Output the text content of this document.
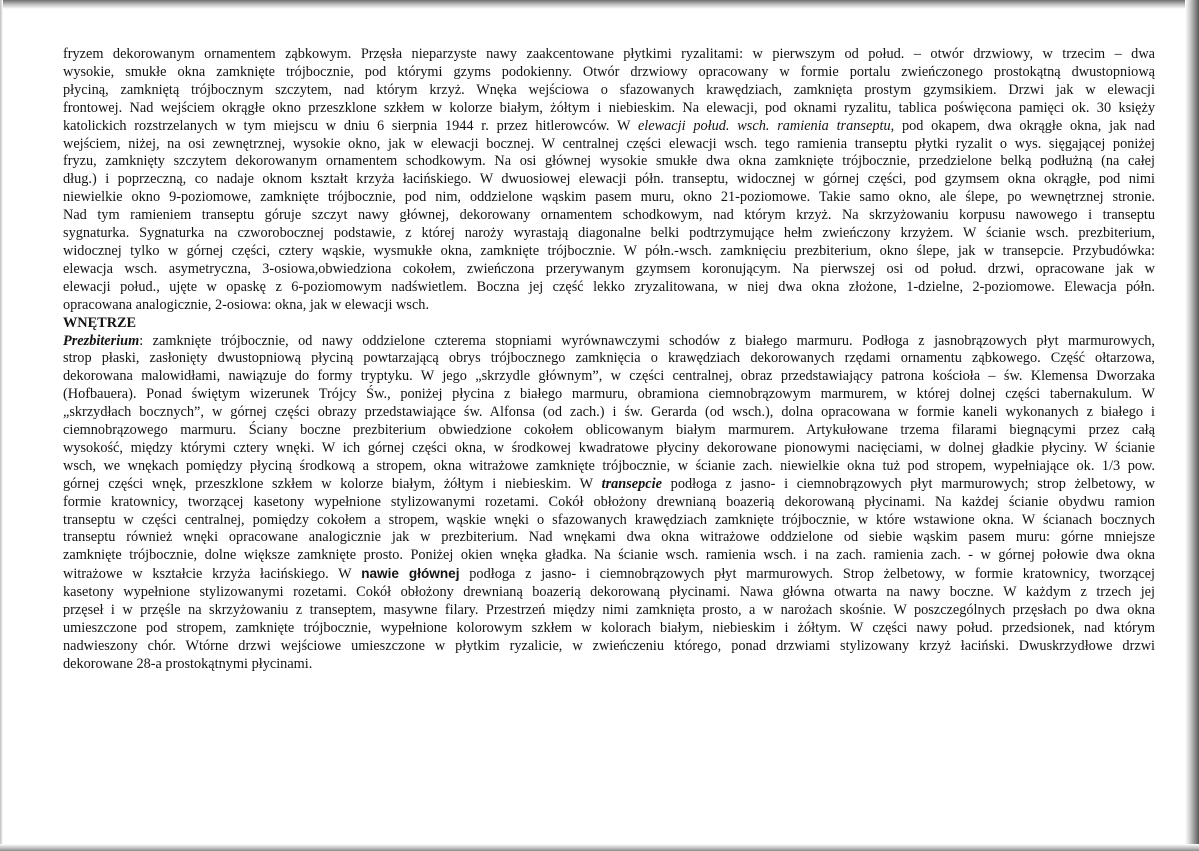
fryzem dekorowanym ornamentem ząbkowym. Przęsła nieparzyste nawy zaakcentowane płytkimi ryzalitami: w pierwszym od połud. – otwór drzwiowy, w trzecim – dwa
wysokie, smukłe okna zamknięte trójbocznie, pod którymi gzyms podokienny. Otwór drzwiowy opracowany w formie portalu zwieńczonego prostokątną dwustopniową
płyciną, zamkniętą trójbocznym szczytem, nad którym krzyż. Wnęka wejściowa o sfazowanych krawędziach, zamknięta prostym gzymsikiem. Drzwi jak w elewacji
frontowej. Nad wejściem okrągłe okno przeszklone szkłem w kolorze białym, żółtym i niebieskim. Na elewacji, pod oknami ryzalitu, tablica poświęcona pamięci ok. 30 księży
katolickich rozstrzelanych w tym miejscu w dniu 6 sierpnia 1944 r. przez hitlerowców. W elewacji połud. wsch. ramienia transeptu, pod okapem, dwa okrągłe okna, jak nad
wejściem, niżej, na osi zewnętrznej, wysokie okno, jak w elewacji bocznej. W centralnej części elewacji wsch. tego ramienia transeptu płytki ryzalit o wys. sięgającej poniżej
fryzu, zamknięty szczytem dekorowanym ornamentem schodkowym. Na osi głównej wysokie smukłe dwa okna zamknięte trójbocznie, przedzielone belką podłużną (na całej
dług.) i poprzeczną, co nadaje oknom kształt krzyża łacińskiego. W dwuosiowej elewacji półn. transeptu, widocznej w górnej części, pod gzymsem okna okrągłe, pod nimi
niewielkie okno 9-poziomowe, zamknięte trójbocznie, pod nim, oddzielone wąskim pasem muru, okno 21-poziomowe. Takie samo okno, ale ślepe, po wewnętrznej stronie.
Nad tym ramieniem transeptu góruje szczyt nawy głównej, dekorowany ornamentem schodkowym, nad którym krzyż. Na skrzyżowaniu korpusu nawowego i transeptu
sygnaturka. Sygnaturka na czworobocznej podstawie, z której naroży wyrastają diagonalne belki podtrzymujące hełm zwieńczony krzyżem. W ścianie wsch. prezbiterium,
widocznej tylko w górnej części, cztery wąskie, wysmukłe okna, zamknięte trójbocznie. W półn.-wsch. zamknięciu prezbiterium, okno ślepe, jak w transepcie. Przybudówka:
elewacja wsch. asymetryczna, 3-osiowa,obwiedziona cokołem, zwieńczona przerywanym gzymsem koronującym. Na pierwszej osi od połud. drzwi, opracowane jak w
elewacji połud., ujęte w opaskę z 6-poziomowym nadświetlem. Boczna jej część lekko zryzalitowana, w niej dwa okna złożone, 1-dzielne, 2-poziomowe. Elewacja półn.
opracowana analogicznie, 2-osiowa: okna, jak w elewacji wsch.
WNĘTRZE
Prezbiterium: zamknięte trójbocznie, od nawy oddzielone czterema stopniami wyrównawczymi schodów z białego marmuru. Podłoga z jasnobrązowych płyt marmurowych,
strop płaski, zasłonięty dwustopniową płyciną powtarzającą obrys trójbocznego zamknięcia o krawędziach dekorowanych rzędami ornamentu ząbkowego. Część ołtarzowa,
dekorowana malowidłami, nawiązuje do formy tryptyku. W jego „skrzydle głównym”, w części centralnej, obraz przedstawiający patrona kościoła – św. Klemensa Dworzaka
(Hofbauera). Ponad świętym wizerunek Trójcy Św., poniżej płycina z białego marmuru, obramiona ciemnobrązowym marmurem, w której dolnej części tabernakulum. W
„skrzydłach bocznych”, w górnej części obrazy przedstawiające św. Alfonsa (od zach.) i św. Gerarda (od wsch.), dolna opracowana w formie kaneli wykonanych z białego i
ciemnobrązowego marmuru. Ściany boczne prezbiterium obwiedzione cokołem oblicowanym białym marmurem. Artykułowane trzema filarami biegnącymi przez całą
wysokość, między którymi cztery wnęki. W ich górnej części okna, w środkowej kwadratowe płyciny dekorowane pionowymi nacięciami, w dolnej gładkie płyciny. W ścianie
wsch, we wnękach pomiędzy płyciną środkową a stropem, okna witrażowe zamknięte trójbocznie, w ścianie zach. niewielkie okna tuż pod stropem, wypełniające ok. 1/3 pow.
górnej części wnęk, przeszklone szkłem w kolorze białym, żółtym i niebieskim. W transepcie podłoga z jasno- i ciemnobrązowych płyt marmurowych; strop żelbetowy, w
formie kratownicy, tworzącej kasetony wypełnione stylizowanymi rozetami. Cokół obłożony drewnianą boazerią dekorowaną płycinami. Na każdej ścianie obydwu ramion
transeptu w części centralnej, pomiędzy cokołem a stropem, wąskie wnęki o sfazowanych krawędziach zamknięte trójbocznie, w które wstawione okna. W ścianach bocznych
transeptu również wnęki opracowane analogicznie jak w prezbiterium. Nad wnękami dwa okna witrażowe oddzielone od siebie wąskim pasem muru: górne mniejsze
zamknięte trójbocznie, dolne większe zamknięte prosto. Poniżej okien wnęka gładka. Na ścianie wsch. ramienia wsch. i na zach. ramienia zach. - w górnej połowie dwa okna
witrażowe w kształcie krzyża łacińskiego. W nawie głównej podłoga z jasno- i ciemnobrązowych płyt marmurowych. Strop żelbetowy, w formie kratownicy, tworzącej
kasetony wypełnione stylizowanymi rozetami. Cokół obłożony drewnianą boazerią dekorowaną płycinami. Nawa główna otwarta na nawy boczne. W każdym z trzech jej
przęseł i w przęśle na skrzyżowaniu z transeptem, masywne filary. Przestrzeń między nimi zamknięta prosto, a w narożach skośnie. W poszczególnych przęsłach po dwa okna
umieszczone pod stropem, zamknięte trójbocznie, wypełnione kolorowym szkłem w kolorach białym, niebieskim i żółtym. W części nawy połud. przedsionek, nad którym
nadwieszony chór. Wtórne drzwi wejściowe umieszczone w płytkim ryzalicie, w zwieńczeniu którego, ponad drzwiami stylizowany krzyż łaciński. Dwuskrzydłowe drzwi
dekorowane 28-a prostokątnymi płycinami.
